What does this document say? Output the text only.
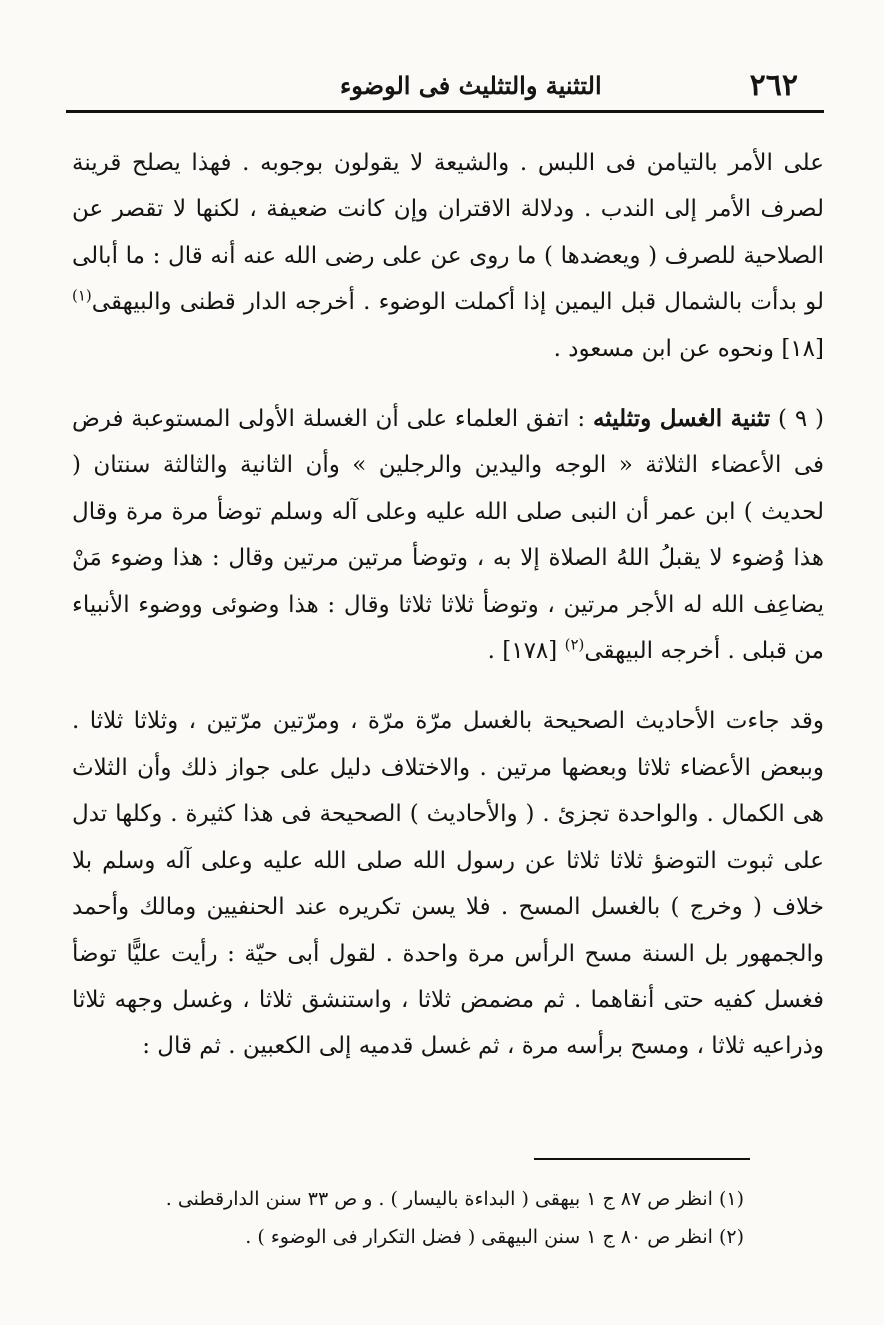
٢٦٢
التثنية والتثليث فى الوضوء

على الأمر بالتيامن فى اللبس . والشيعة لا يقولون بوجوبه . فهذا يصلح قرينة لصرف الأمر إلى الندب . ودلالة الاقتران وإن كانت ضعيفة ، لكنها لا تقصر عن الصلاحية للصرف ( ويعضدها ) ما روى عن على رضى الله عنه أنه قال : ما أبالى لو بدأت بالشمال قبل اليمين إذا أكملت الوضوء . أخرجه الدار قطنى والبيهقى$^{(١)}$ [١٨] ونحوه عن ابن مسعود .

( ٩ ) تثنية الغسل وتثليثه : اتفق العلماء على أن الغسلة الأولى المستوعبة فرض فى الأعضاء الثلاثة « الوجه واليدين والرجلين » وأن الثانية والثالثة سنتان ( لحديث ) ابن عمر أن النبى صلى الله عليه وعلى آله وسلم توضأ مرة مرة وقال هذا وُضوء لا يقبلُ اللهُ الصلاة إلا به ، وتوضأ مرتين مرتين وقال : هذا وضوء مَنْ يضاعِف الله له الأجر مرتين ، وتوضأ ثلاثا ثلاثا وقال : هذا وضوئى ووضوء الأنبياء من قبلى . أخرجه البيهقى$^{(٢)}$ [١٧٨] .

وقد جاءت الأحاديث الصحيحة بالغسل مرّة مرّة ، ومرّتين مرّتين ، وثلاثا ثلاثا . وببعض الأعضاء ثلاثا وبعضها مرتين . والاختلاف دليل على جواز ذلك وأن الثلاث هى الكمال . والواحدة تجزئ . ( والأحاديث ) الصحيحة فى هذا كثيرة . وكلها تدل على ثبوت التوضؤ ثلاثا ثلاثا عن رسول الله صلى الله عليه وعلى آله وسلم بلا خلاف ( وخرج ) بالغسل المسح . فلا يسن تكريره عند الحنفيين ومالك وأحمد والجمهور بل السنة مسح الرأس مرة واحدة . لقول أبى حيّة : رأيت عليًّا توضأ فغسل كفيه حتى أنقاهما . ثم مضمض ثلاثا ، واستنشق ثلاثا ، وغسل وجهه ثلاثا وذراعيه ثلاثا ، ومسح برأسه مرة ، ثم غسل قدميه إلى الكعبين . ثم قال :

(١) انظر ص ٨٧ ج ١ بيهقى ( البداءة باليسار ) . و ص ٣٣ سنن الدارقطنى .

(٢) انظر ص ٨٠ ج ١ سنن البيهقى ( فضل التكرار فى الوضوء ) .
